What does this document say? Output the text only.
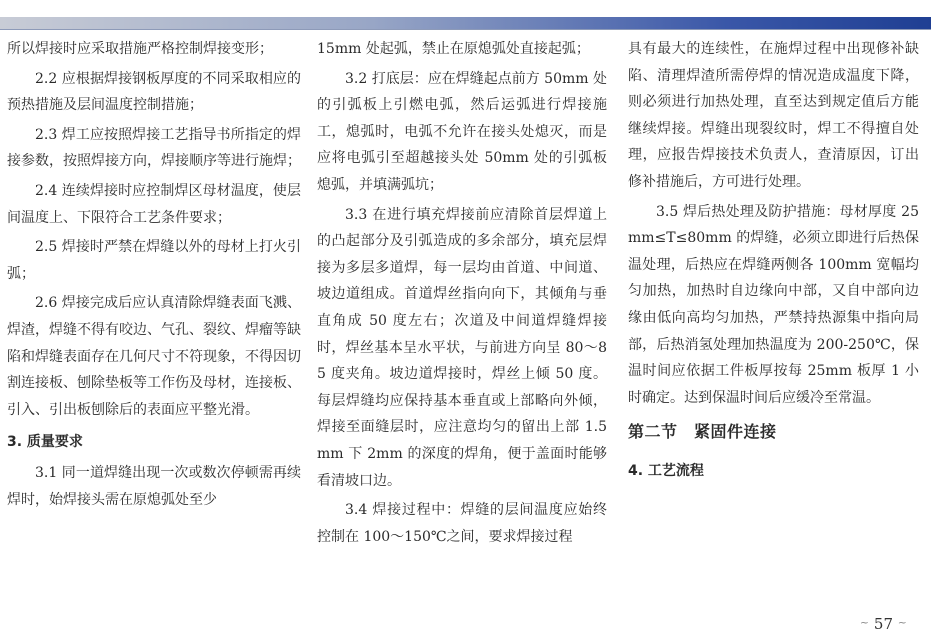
所以焊接时应采取措施严格控制焊接变形；

2.2 应根据焊接钢板厚度的不同采取相应的预热措施及层间温度控制措施；

2.3 焊工应按照焊接工艺指导书所指定的焊接参数，按照焊接方向，焊接顺序等进行施焊；

2.4 连续焊接时应控制焊区母材温度，使层间温度上、下限符合工艺条件要求；

2.5 焊接时严禁在焊缝以外的母材上打火引弧；

2.6 焊接完成后应认真清除焊缝表面飞溅、焊渣，焊缝不得有咬边、气孔、裂纹、焊瘤等缺陷和焊缝表面存在几何尺寸不符现象，不得因切割连接板、刨除垫板等工作伤及母材，连接板、引入、引出板刨除后的表面应平整光滑。

3. 质量要求

3.1 同一道焊缝出现一次或数次停顿需再续焊时，始焊接头需在原熄弧处至少

15mm 处起弧，禁止在原熄弧处直接起弧；

3.2 打底层：应在焊缝起点前方 50mm 处的引弧板上引燃电弧，然后运弧进行焊接施工，熄弧时，电弧不允许在接头处熄灭，而是应将电弧引至超越接头处 50mm 处的引弧板熄弧，并填满弧坑；

3.3 在进行填充焊接前应清除首层焊道上的凸起部分及引弧造成的多余部分，填充层焊接为多层多道焊，每一层均由首道、中间道、坡边道组成。首道焊丝指向向下，其倾角与垂直角成 50 度左右；次道及中间道焊缝焊接时，焊丝基本呈水平状，与前进方向呈 80～85 度夹角。坡边道焊接时，焊丝上倾 50 度。每层焊缝均应保持基本垂直或上部略向外倾，焊接至面缝层时，应注意均匀的留出上部 1.5mm 下 2mm 的深度的焊角，便于盖面时能够看清坡口边。

3.4 焊接过程中：焊缝的层间温度应始终控制在 100～150℃之间，要求焊接过程

具有最大的连续性，在施焊过程中出现修补缺陷、清理焊渣所需停焊的情况造成温度下降，则必须进行加热处理，直至达到规定值后方能继续焊接。焊缝出现裂纹时，焊工不得擅自处理，应报告焊接技术负责人，查清原因，订出修补措施后，方可进行处理。

3.5 焊后热处理及防护措施：母材厚度 25mm≤T≤80mm 的焊缝，必须立即进行后热保温处理，后热应在焊缝两侧各 100mm 宽幅均匀加热，加热时自边缘向中部，又自中部向边缘由低向高均匀加热，严禁持热源集中指向局部，后热消氢处理加热温度为 200-250℃，保温时间应依据工件板厚按每 25mm 板厚 1 小时确定。达到保温时间后应缓冷至常温。

第二节　紧固件连接

4. 工艺流程

~ 57 ~
